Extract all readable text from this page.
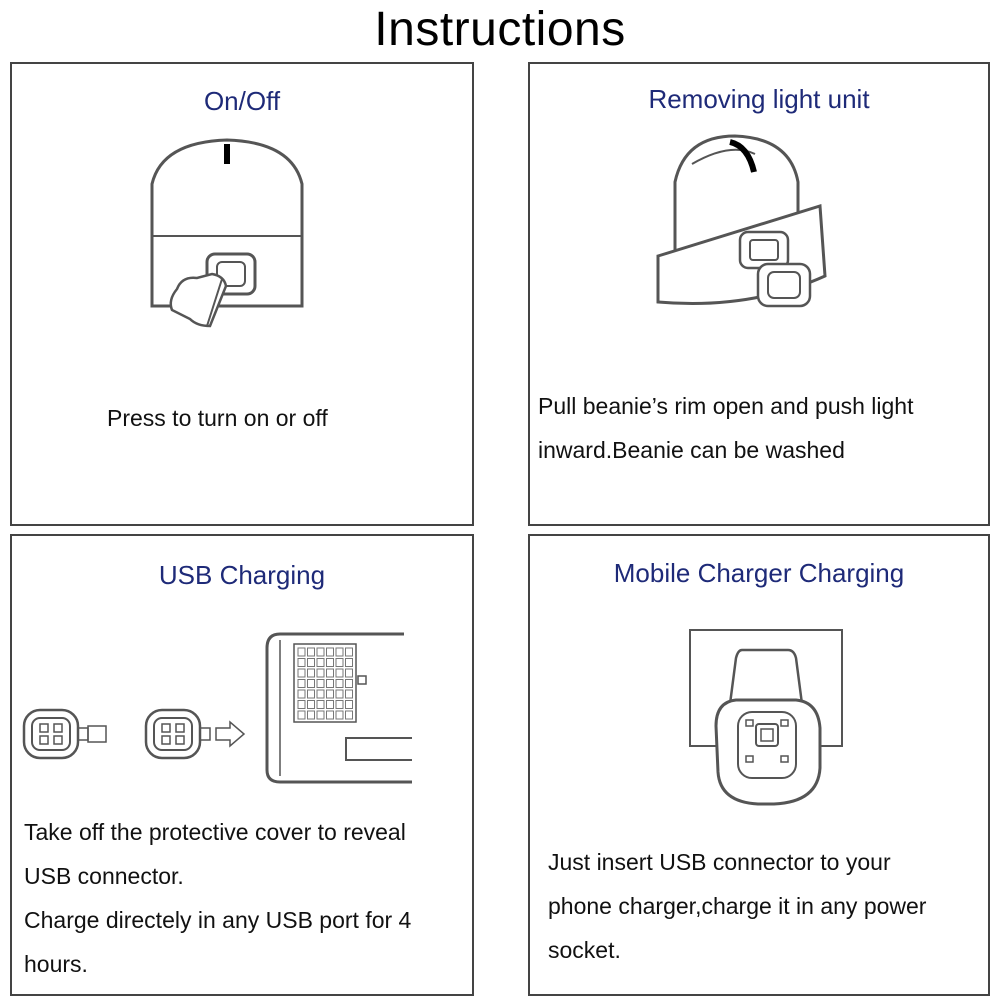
Instructions
On/Off
Press to turn on or off
Removing light unit
Pull beanie’s rim open and push light
inward.Beanie can be washed
USB Charging
Take off the protective cover to reveal
USB connector.
Charge directely in any USB port for 4
hours.
Mobile Charger Charging
Just insert USB connector to your
phone charger,charge it in any power
socket.
